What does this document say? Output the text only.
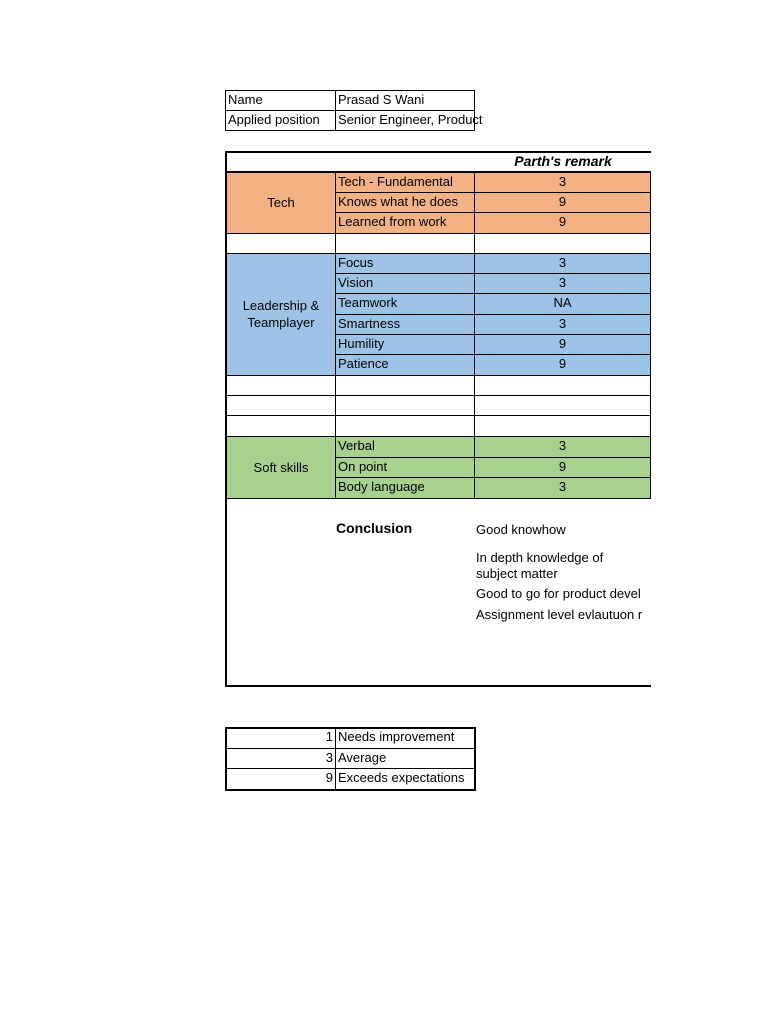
Name	Prasad S Wani
Applied position	Senior Engineer, Product
Parth's remark
Tech
Tech - Fundamental	3
Knows what he does	9
Learned from work	9
Leadership &
Teamplayer
Focus	3
Vision	3
Teamwork	NA
Smartness	3
Humility	9
Patience	9
Soft skills
Verbal	3
On point	9
Body language	3
Conclusion	Good knowhow
In depth knowledge of
subject matter
Good to go for product devel
Assignment level evlautuon r
1 Needs improvement
3 Average
9 Exceeds expectations
